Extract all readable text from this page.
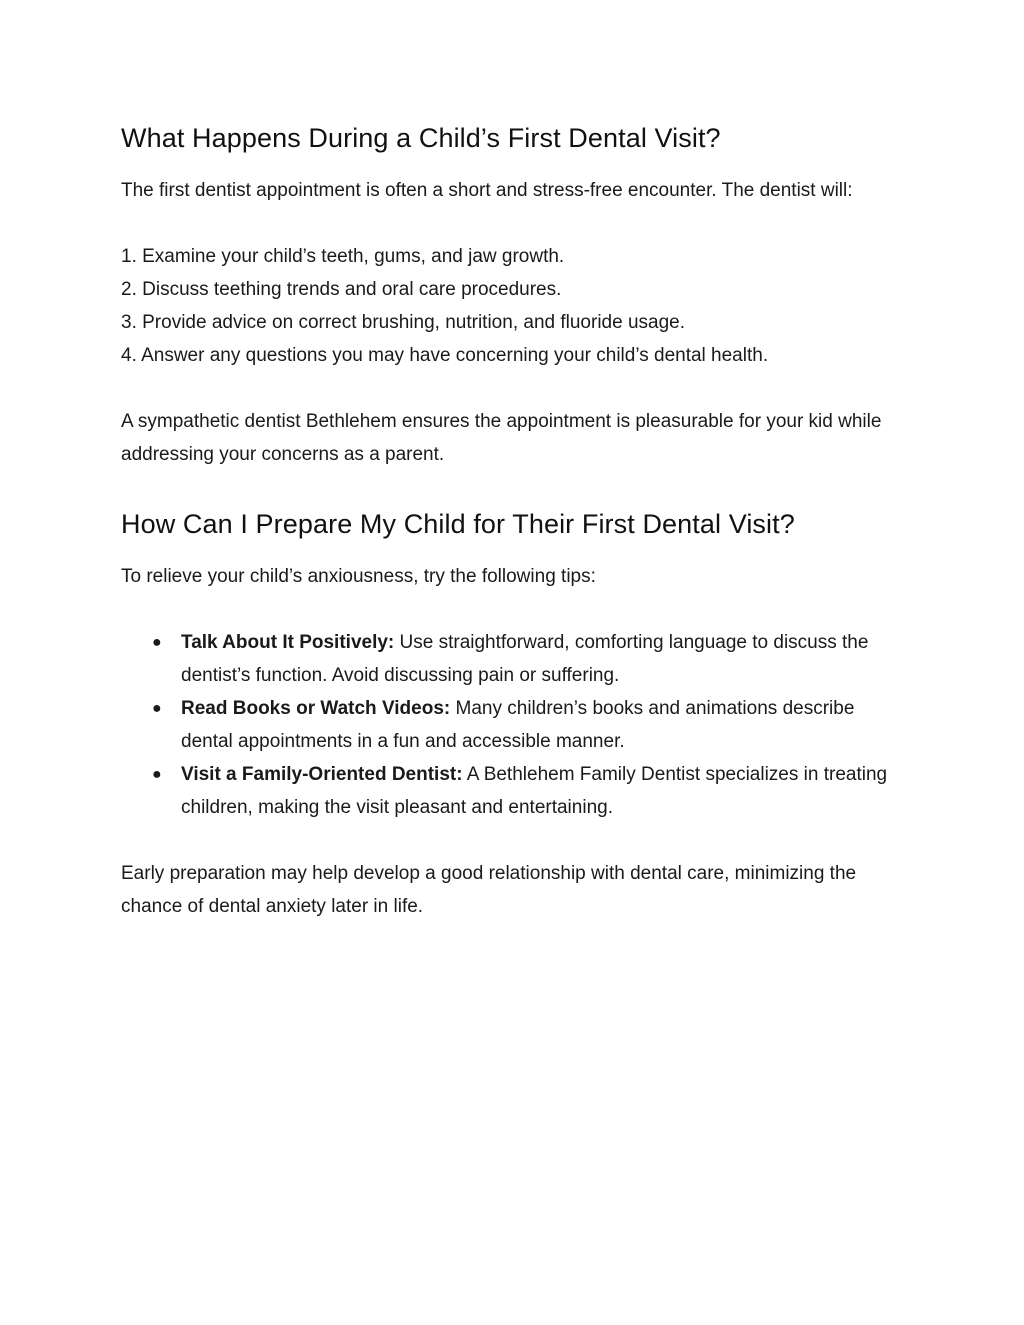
What Happens During a Child’s First Dental Visit?

The first dentist appointment is often a short and stress-free encounter. The dentist will:

1. Examine your child’s teeth, gums, and jaw growth.
2. Discuss teething trends and oral care procedures.
3. Provide advice on correct brushing, nutrition, and fluoride usage.
4. Answer any questions you may have concerning your child’s dental health.

A sympathetic dentist Bethlehem ensures the appointment is pleasurable for your kid while addressing your concerns as a parent.

How Can I Prepare My Child for Their First Dental Visit?

To relieve your child’s anxiousness, try the following tips:

● Talk About It Positively: Use straightforward, comforting language to discuss the dentist’s function. Avoid discussing pain or suffering.
● Read Books or Watch Videos: Many children’s books and animations describe dental appointments in a fun and accessible manner.
● Visit a Family-Oriented Dentist: A Bethlehem Family Dentist specializes in treating children, making the visit pleasant and entertaining.

Early preparation may help develop a good relationship with dental care, minimizing the chance of dental anxiety later in life.
